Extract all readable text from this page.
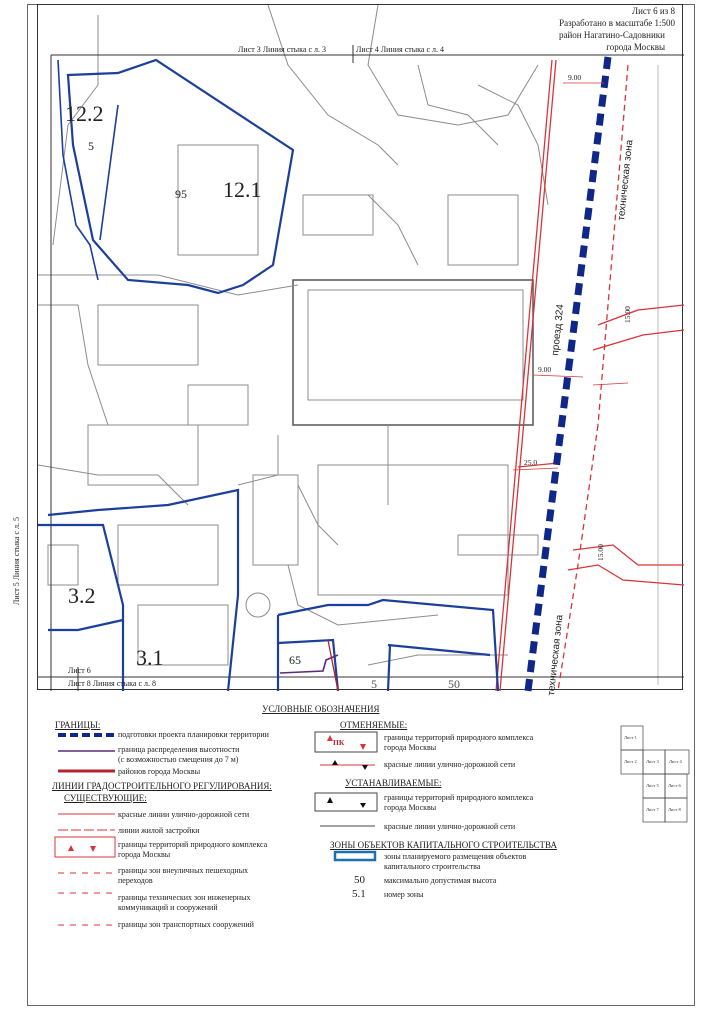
Лист 6 из 8
Разработано в масштабе 1:500
район Нагатино-Садовники
города Москвы
Лист 3 Линия стыка с л. 3	Лист 4 Линия стыка с л. 4
Лист 5 Линия стыка с л. 5
Лист 6
Лист 8 Линия стыка с л. 8
12.2
12.1
3.2
3.1
5
95
65
5	50
проезд 324
техническая зона
техническая зона
9.00
9.00
25.0
15.00
15.00
УСЛОВНЫЕ ОБОЗНАЧЕНИЯ
ГРАНИЦЫ:
подготовки проекта планировки территории
граница распределения высотности
(с возможностью смещения до 7 м)
районов города Москвы
ЛИНИИ ГРАДОСТРОИТЕЛЬНОГО РЕГУЛИРОВАНИЯ:
СУЩЕСТВУЮЩИЕ:
красные линии улично-дорожной сети
линии жилой застройки
границы территорий природного комплекса
города Москвы
границы зон внеуличных пешеходных
переходов
границы технических зон инженерных
коммуникаций и сооружений
границы зон транспортных сооружений
ОТМЕНЯЕМЫЕ:
ПК
границы территорий природного комплекса
города Москвы
красные линии улично-дорожной сети
УСТАНАВЛИВАЕМЫЕ:
границы территорий природного комплекса
города Москвы
красные линии улично-дорожной сети
ЗОНЫ ОБЪЕКТОВ КАПИТАЛЬНОГО СТРОИТЕЛЬСТВА
зоны планируемого размещения объектов
капитального строительства
50 максимально допустимая высота
5.1 номер зоны
Лист 1
Лист 2 Лист 3 Лист 4
Лист 5 Лист 6
Лист 7 Лист 8
